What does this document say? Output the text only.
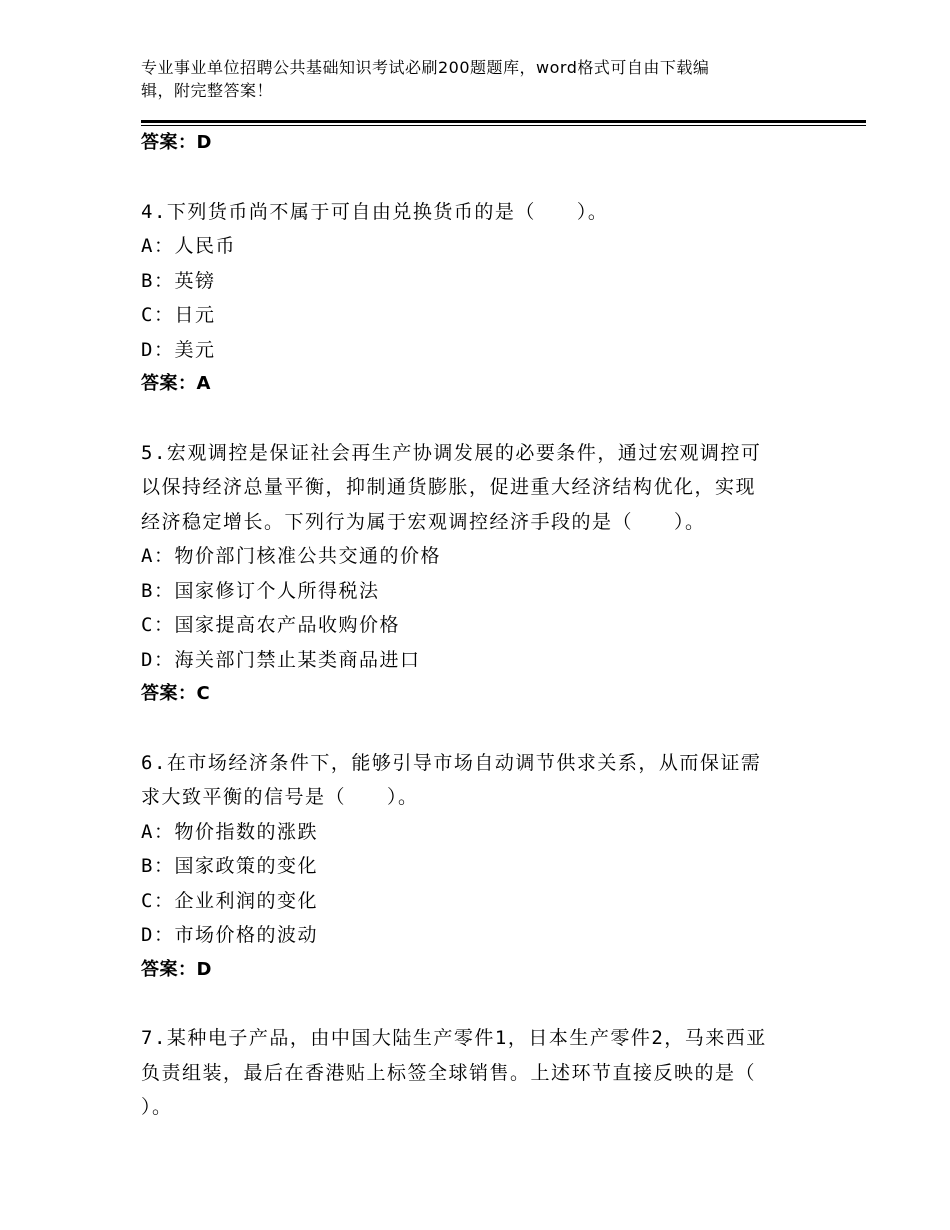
专业事业单位招聘公共基础知识考试必刷200题题库，word格式可自由下载编
辑，附完整答案！
答案：D
4.下列货币尚不属于可自由兑换货币的是（　　）。
A：人民币
B：英镑
C：日元
D：美元
答案：A
5.宏观调控是保证社会再生产协调发展的必要条件，通过宏观调控可
以保持经济总量平衡，抑制通货膨胀，促进重大经济结构优化，实现
经济稳定增长。下列行为属于宏观调控经济手段的是（　　）。
A：物价部门核准公共交通的价格
B：国家修订个人所得税法
C：国家提高农产品收购价格
D：海关部门禁止某类商品进口
答案：C
6.在市场经济条件下，能够引导市场自动调节供求关系，从而保证需
求大致平衡的信号是（　　）。
A：物价指数的涨跌
B：国家政策的变化
C：企业利润的变化
D：市场价格的波动
答案：D
7.某种电子产品，由中国大陆生产零件1，日本生产零件2，马来西亚
负责组装，最后在香港贴上标签全球销售。上述环节直接反映的是（
）。
